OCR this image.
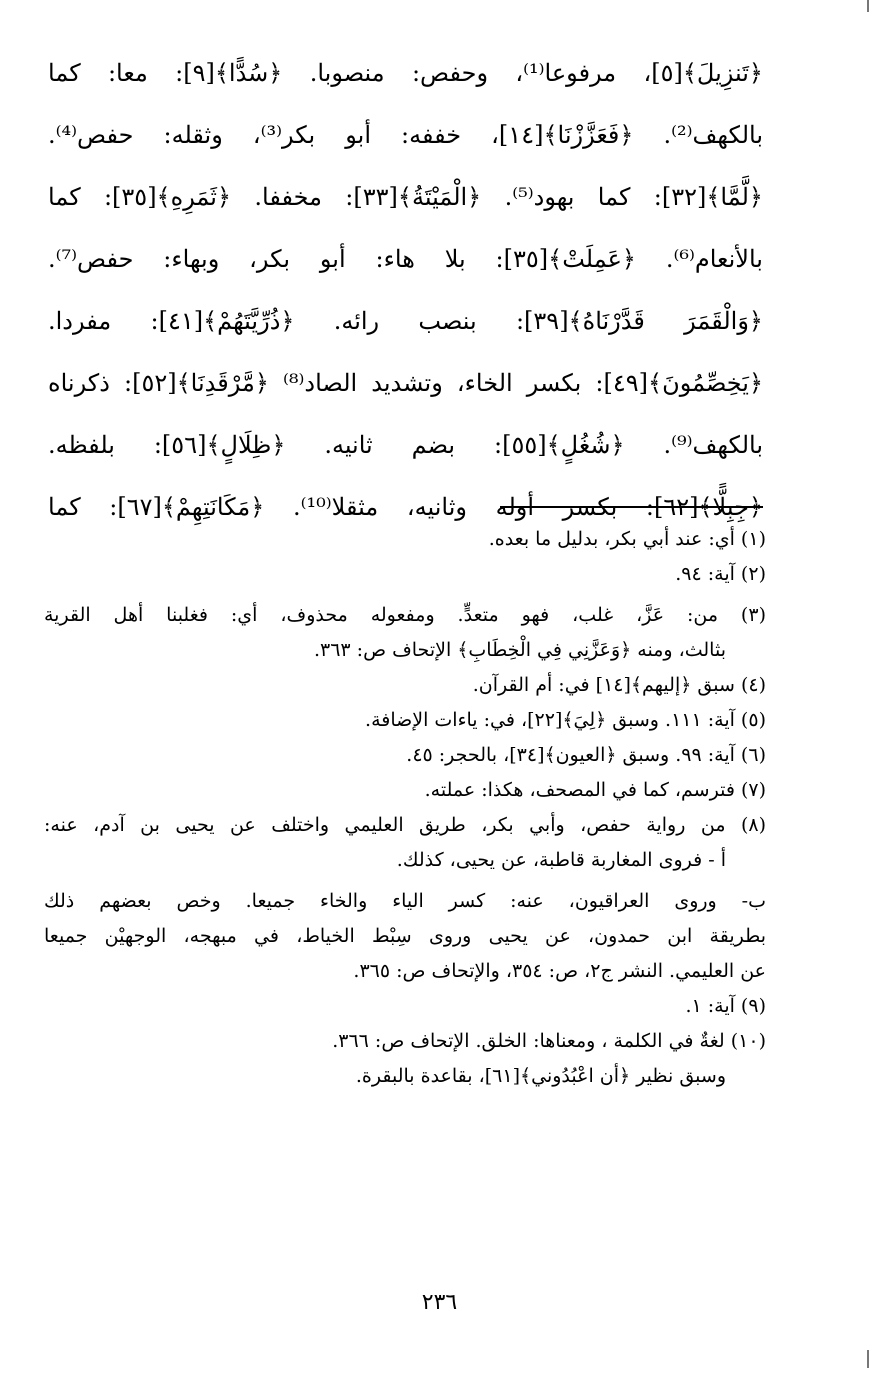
﴿تَنزِيلَ﴾[٥]، مرفوعا⁽¹⁾، وحفص: منصوبا. ﴿سُدًّا﴾[٩]: معا: كما
بالكهف⁽²⁾. ﴿فَعَزَّزْنَا﴾[١٤]، خففه: أبو بكر⁽³⁾، وثقله: حفص⁽⁴⁾.
﴿لَّمَّا﴾[٣٢]: كما بهود⁽⁵⁾. ﴿الْمَيْتَةُ﴾[٣٣]: مخففا. ﴿ثَمَرِهِ﴾[٣٥]: كما
بالأنعام⁽⁶⁾. ﴿عَمِلَتْ﴾[٣٥]: بلا هاء: أبو بكر، وبهاء: حفص⁽⁷⁾.
﴿وَالْقَمَرَ قَدَّرْنَاهُ﴾[٣٩]: بنصب رائه. ﴿ذُرِّيَّتَهُمْ﴾[٤١]: مفردا.
﴿يَخِصِّمُونَ﴾[٤٩]: بكسر الخاء، وتشديد الصاد⁽⁸⁾ ﴿مَّرْقَدِنَا﴾[٥٢]: ذكرناه
بالكهف⁽⁹⁾. ﴿شُغُلٍ﴾[٥٥]: بضم ثانيه. ﴿ظِلَالٍ﴾[٥٦]: بلفظه.
﴿جِبِلًّا﴾[٦٢]: بكسر أوله وثانيه، مثقلا⁽¹⁰⁾. ﴿مَكَانَتِهِمْ﴾[٦٧]: كما
(١) أي: عند أبي بكر، بدليل ما بعده.
(٢) آية: ٩٤.
(٣) من: عَزَّ، غلب، فهو متعدٍّ. ومفعوله محذوف، أي: فغلبنا أهل القرية
بثالث، ومنه ﴿وَعَزَّنِي فِي الْخِطَابِ﴾ الإتحاف ص: ٣٦٣.
(٤) سبق ﴿إليهم﴾[١٤] في: أم القرآن.
(٥) آية: ١١١. وسبق ﴿لِيَ﴾[٢٢]، في: ياءات الإضافة.
(٦) آية: ٩٩. وسبق ﴿العيون﴾[٣٤]، بالحجر: ٤٥.
(٧) فترسم، كما في المصحف، هكذا: عملته.
(٨) من رواية حفص، وأبي بكر، طريق العليمي واختلف عن يحيى بن آدم، عنه:
أ - فروى المغاربة قاطبة، عن يحيى، كذلك.
ب- وروى العراقيون، عنه: كسر الياء والخاء جميعا. وخص بعضهم ذلك
بطريقة ابن حمدون، عن يحيى وروى سِبْط الخياط، في مبهجه، الوجهيْن جميعا
عن العليمي. النشر ج٢، ص: ٣٥٤، والإتحاف ص: ٣٦٥.
(٩) آية: ١.
(١٠) لغةٌ في الكلمة ، ومعناها: الخلق. الإتحاف ص: ٣٦٦.
وسبق نظير ﴿أن اعْبُدُوني﴾[٦١]، بقاعدة بالبقرة.
٢٣٦
